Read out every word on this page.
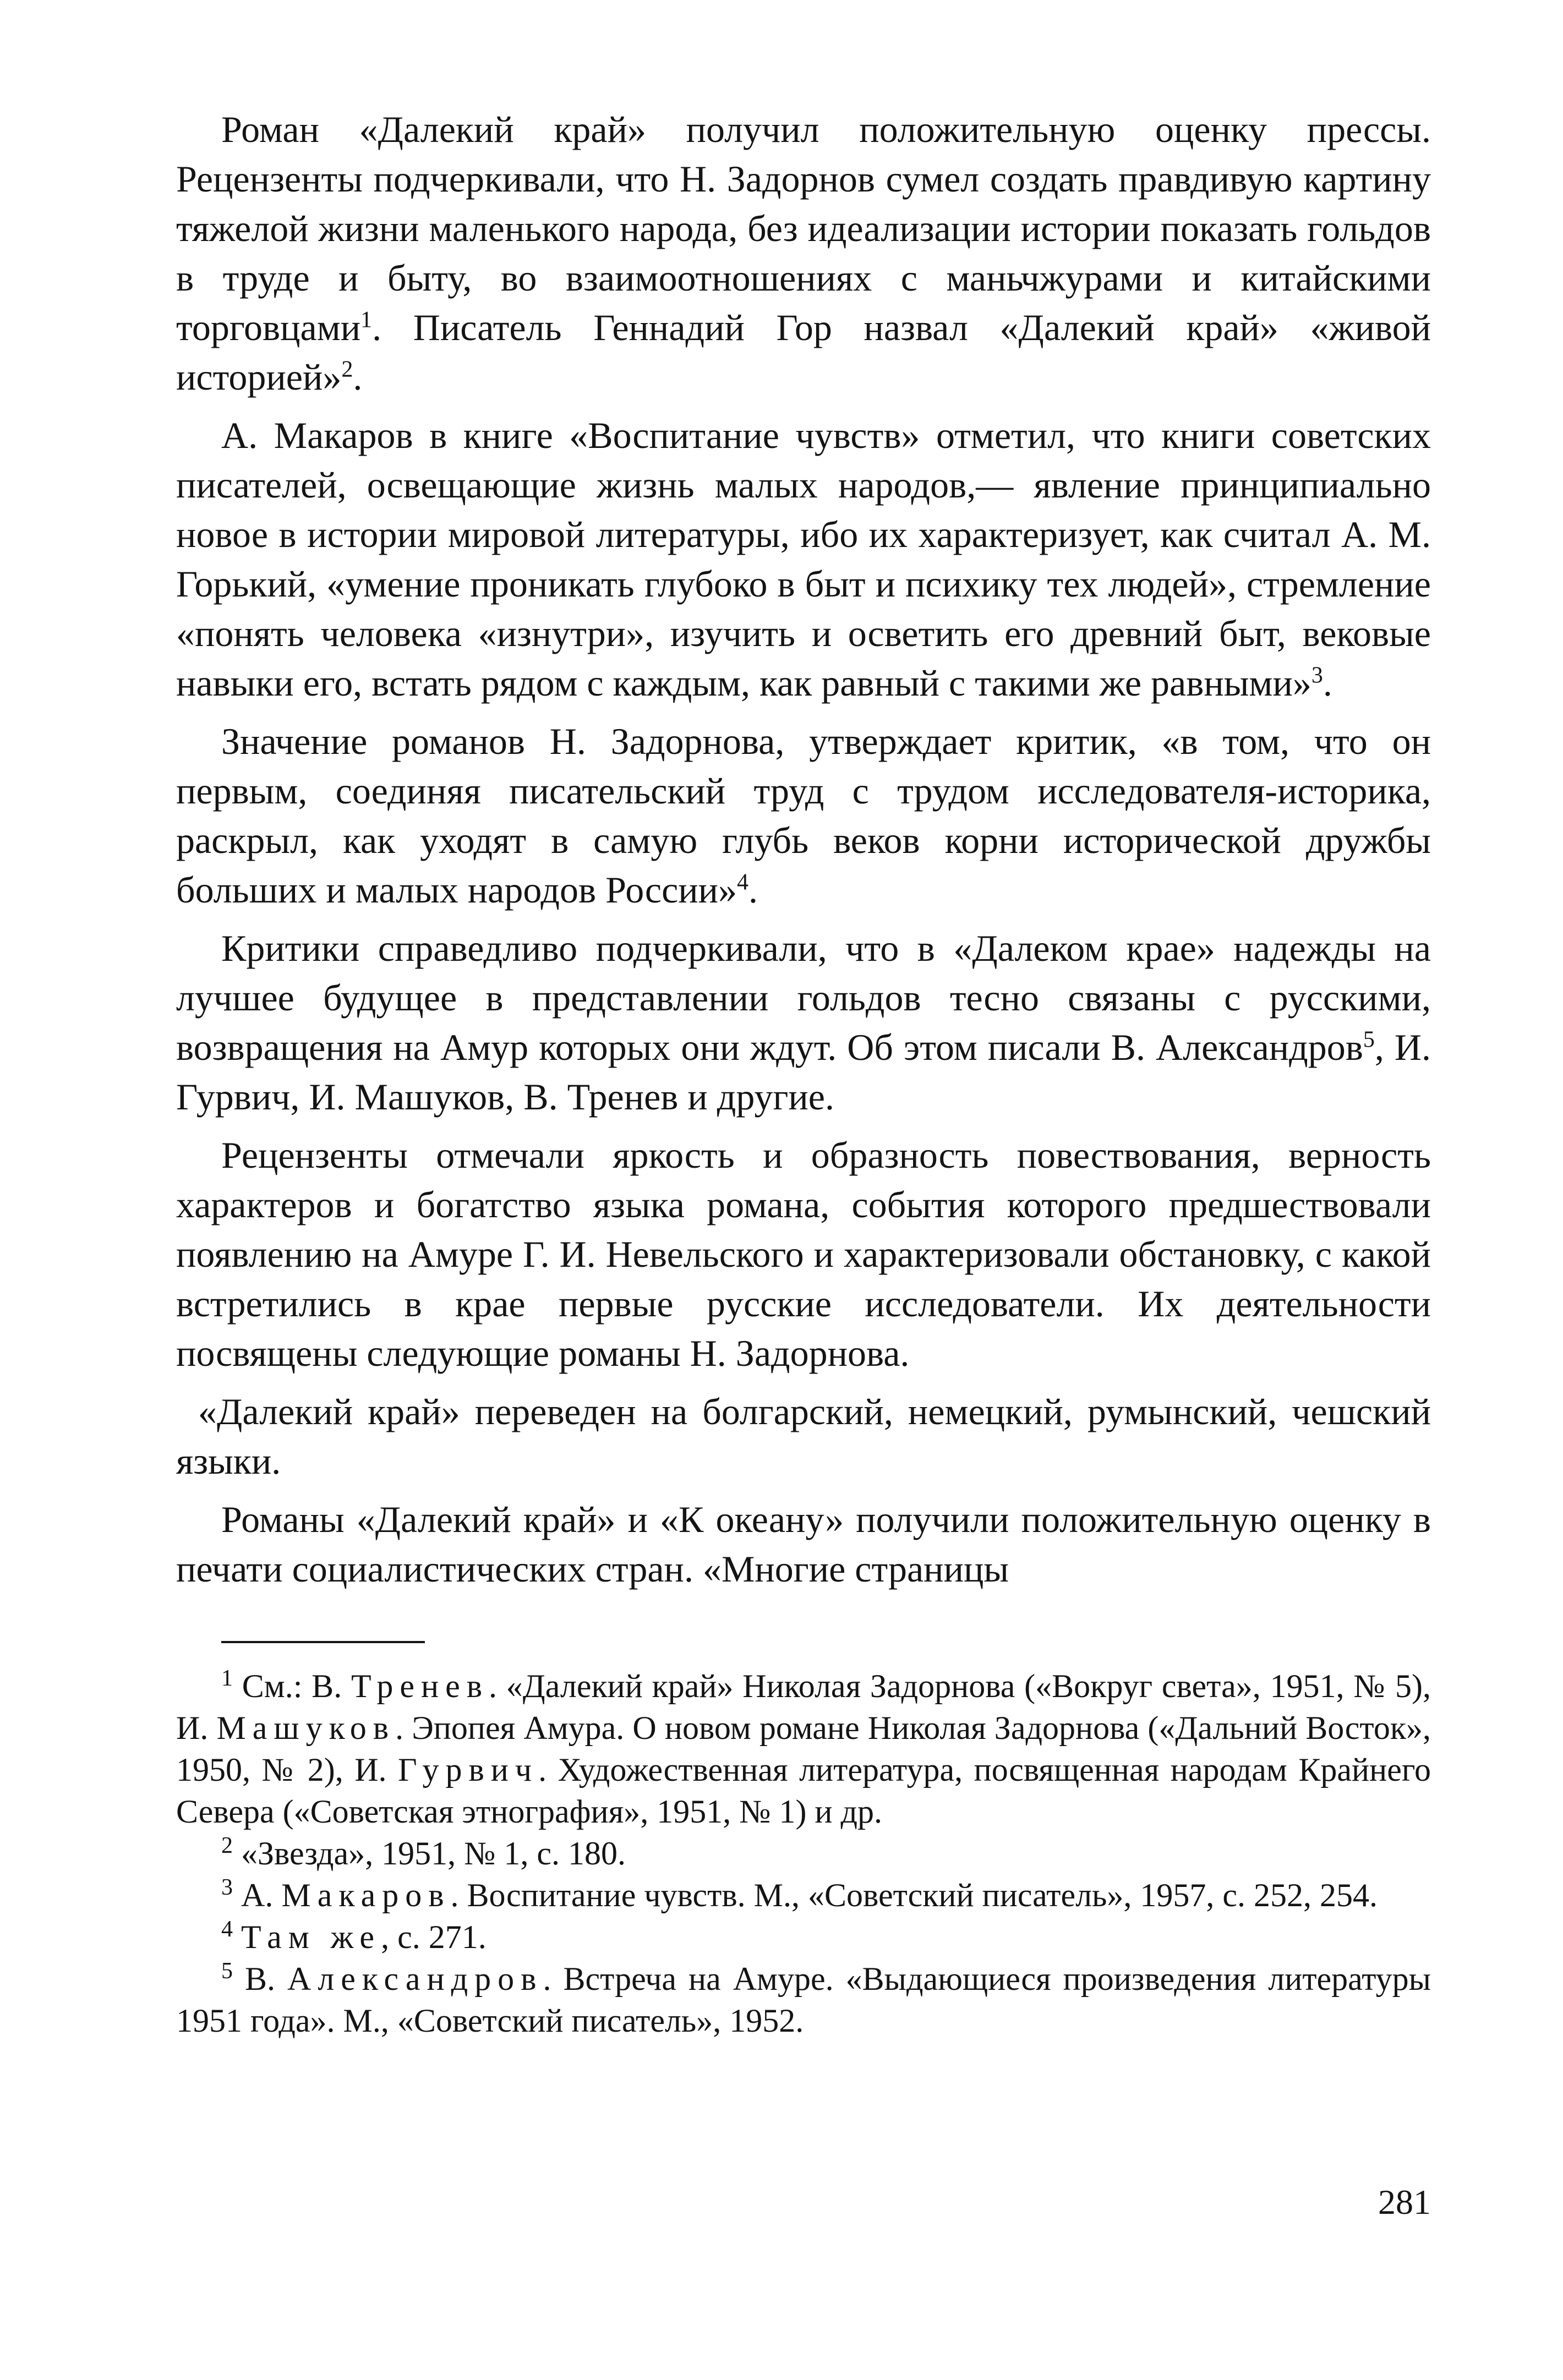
Роман «Далекий край» получил положительную оценку прессы. Рецензенты подчеркивали, что Н. Задорнов сумел создать правдивую картину тяжелой жизни маленького народа, без идеализации истории показать гольдов в труде и быту, во взаимоотношениях с маньчжурами и китайскими торговцами$^1$. Писатель Геннадий Гор назвал «Далекий край» «живой историей»$^2$.

А. Макаров в книге «Воспитание чувств» отметил, что книги советских писателей, освещающие жизнь малых народов,— явление принципиально новое в истории мировой литературы, ибо их характеризует, как считал А. М. Горький, «умение проникать глубоко в быт и психику тех людей», стремление «понять человека «изнутри», изучить и осветить его древний быт, вековые навыки его, встать рядом с каждым, как равный с такими же равными»$^3$.

Значение романов Н. Задорнова, утверждает критик, «в том, что он первым, соединяя писательский труд с трудом исследователя-историка, раскрыл, как уходят в самую глубь веков корни исторической дружбы больших и малых народов России»$^4$.

Критики справедливо подчеркивали, что в «Далеком крае» надежды на лучшее будущее в представлении гольдов тесно связаны с русскими, возвращения на Амур которых они ждут. Об этом писали В. Александров$^5$, И. Гурвич, И. Машуков, В. Тренев и другие.

Рецензенты отмечали яркость и образность повествования, верность характеров и богатство языка романа, события которого предшествовали появлению на Амуре Г. И. Невельского и характеризовали обстановку, с какой встретились в крае первые русские исследователи. Их деятельности посвящены следующие романы Н. Задорнова.

«Далекий край» переведен на болгарский, немецкий, румынский, чешский языки.

Романы «Далекий край» и «К океану» получили положительную оценку в печати социалистических стран. «Многие страницы

$^1$ См.: В. Тренев. «Далекий край» Николая Задорнова («Вокруг света», 1951, № 5), И. Машуков. Эпопея Амура. О новом романе Николая Задорнова («Дальний Восток», 1950, № 2), И. Гурвич. Художественная литература, посвященная народам Крайнего Севера («Советская этнография», 1951, № 1) и др.

$^2$ «Звезда», 1951, № 1, с. 180.

$^3$ А. Макаров. Воспитание чувств. М., «Советский писатель», 1957, с. 252, 254.

$^4$ Там же, с. 271.

$^5$ В. Александров. Встреча на Амуре. «Выдающиеся произведения литературы 1951 года». М., «Советский писатель», 1952.

281
